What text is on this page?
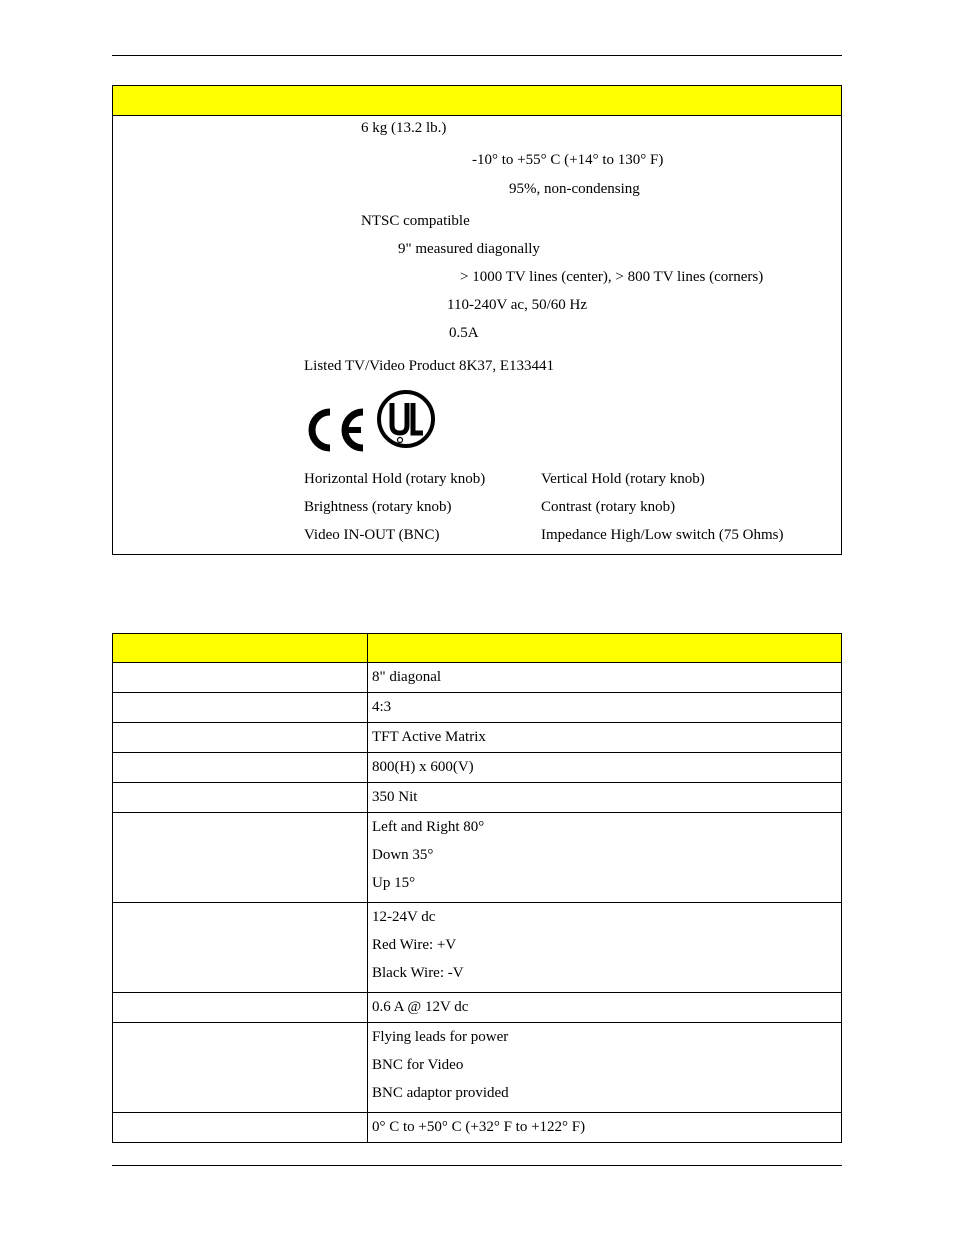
6 kg (13.2 lb.)
-10° to +55° C (+14° to 130° F)
95%, non-condensing
NTSC compatible
9" measured diagonally
> 1000 TV lines (center), > 800 TV lines (corners)
110-240V ac, 50/60 Hz
0.5A
Listed TV/Video Product 8K37, E133441
Horizontal Hold (rotary knob)	Vertical Hold (rotary knob)
Brightness (rotary knob)	Contrast (rotary knob)
Video IN-OUT (BNC)	Impedance High/Low switch (75 Ohms)

	8" diagonal

	4:3

	TFT Active Matrix

	800(H) x 600(V)

	350 Nit

	Left and Right 80°
Down 35°
Up 15°

	12-24V dc
Red Wire: +V
Black Wire: -V

	0.6 A @ 12V dc

	Flying leads for power
BNC for Video
BNC adaptor provided

	0° C to +50° C (+32° F to +122° F)
